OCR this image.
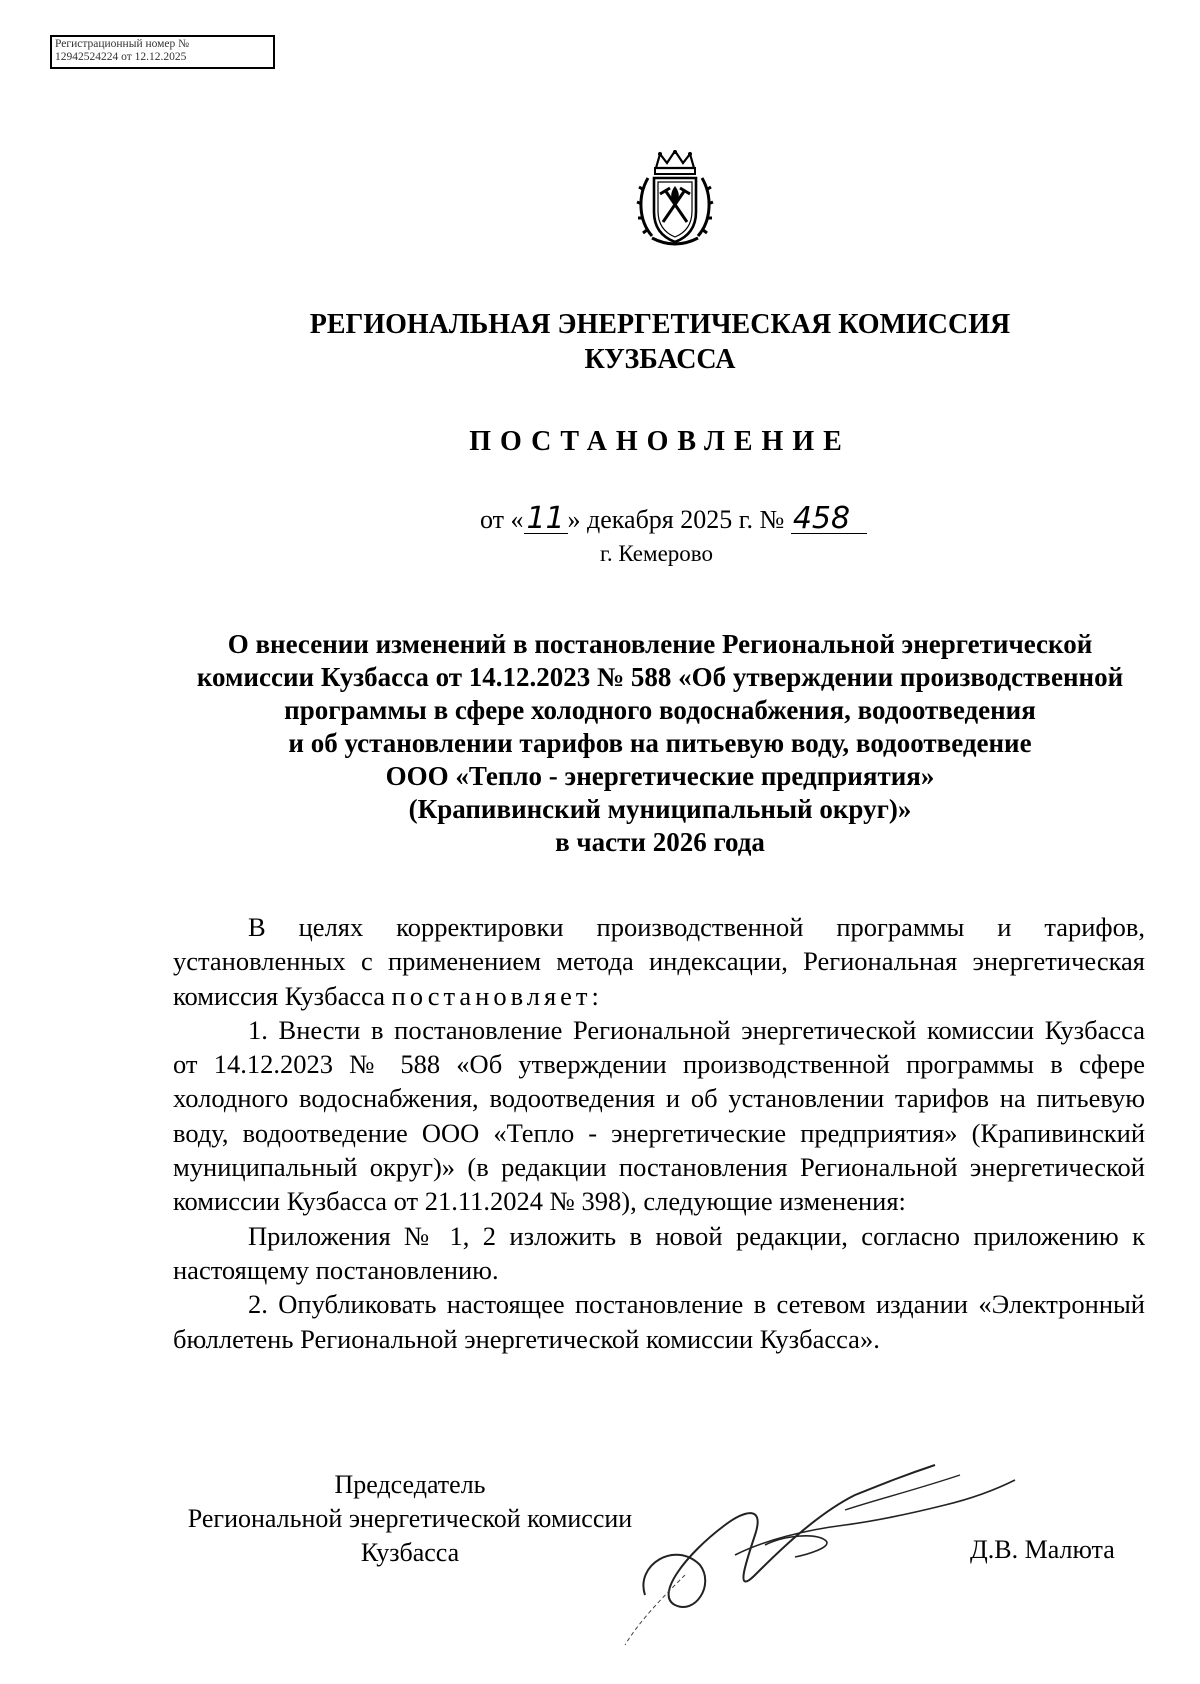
Регистрационный номер №
12942524224 от 12.12.2025
РЕГИОНАЛЬНАЯ ЭНЕРГЕТИЧЕСКАЯ КОМИССИЯ
КУЗБАССА
ПОСТАНОВЛЕНИЕ
от «11 » декабря 2025 г. № 458
г. Кемерово
О внесении изменений в постановление Региональной энергетической
комиссии Кузбасса от 14.12.2023 № 588 «Об утверждении производственной
программы в сфере холодного водоснабжения, водоотведения
и об установлении тарифов на питьевую воду, водоотведение
ООО «Тепло - энергетические предприятия»
(Крапивинский муниципальный округ)»
в части 2026 года

В целях корректировки производственной программы и тарифов, установленных с применением метода индексации, Региональная энергетическая комиссия Кузбасса постановляет:

1. Внести в постановление Региональной энергетической комиссии Кузбасса от 14.12.2023 № 588 «Об утверждении производственной программы в сфере холодного водоснабжения, водоотведения и об установлении тарифов на питьевую воду, водоотведение ООО «Тепло - энергетические предприятия» (Крапивинский муниципальный округ)» (в редакции постановления Региональной энергетической комиссии Кузбасса от 21.11.2024 № 398), следующие изменения:

Приложения № 1, 2 изложить в новой редакции, согласно приложению к настоящему постановлению.

2. Опубликовать настоящее постановление в сетевом издании «Электронный бюллетень Региональной энергетической комиссии Кузбасса».

Председатель
Региональной энергетической комиссии
Кузбасса	Д.В. Малюта
